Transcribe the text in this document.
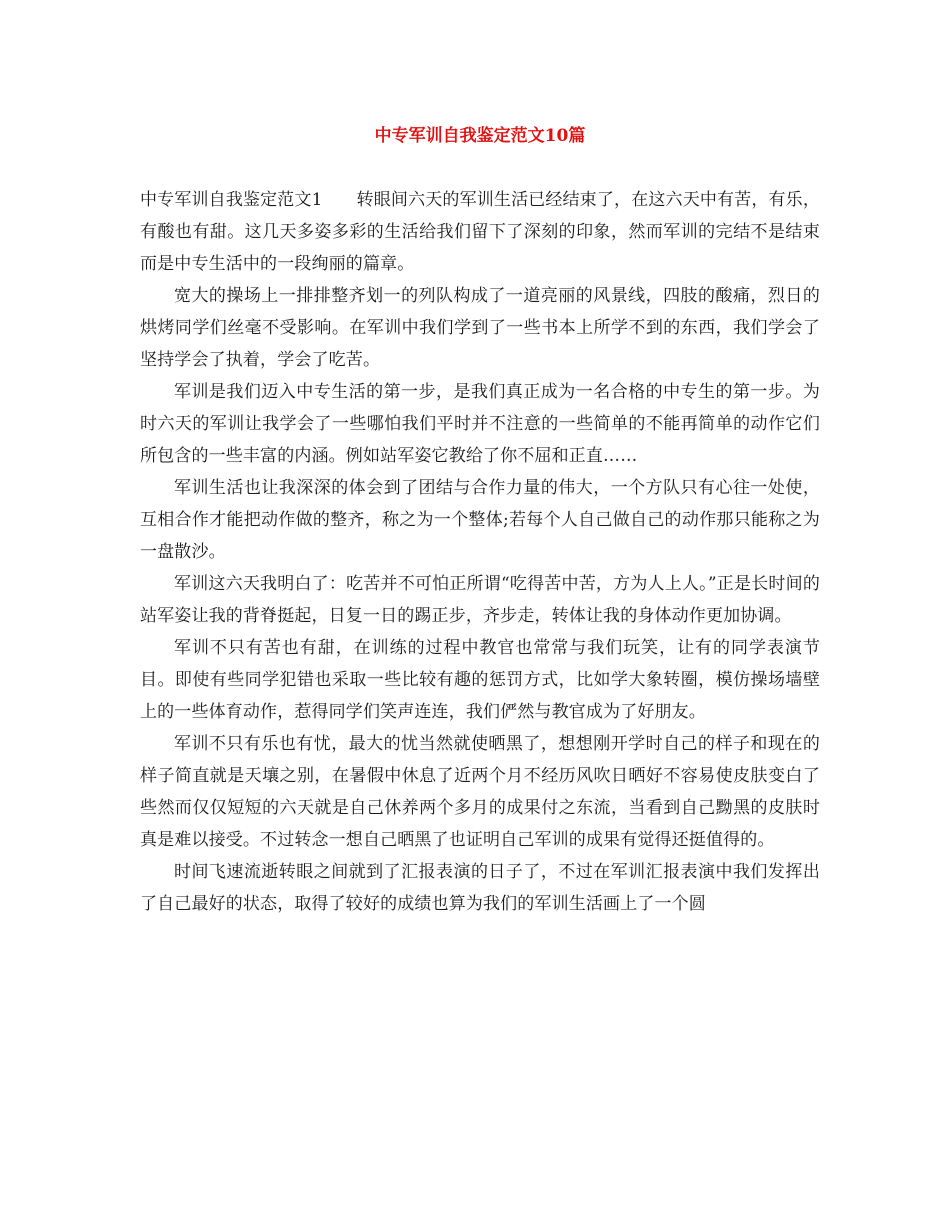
中专军训自我鉴定范文10篇

中专军训自我鉴定范文1 转眼间六天的军训生活已经结束了，在这六天中有苦，有乐，有酸也有甜。这几天多姿多彩的生活给我们留下了深刻的印象，然而军训的完结不是结束而是中专生活中的一段绚丽的篇章。

宽大的操场上一排排整齐划一的列队构成了一道亮丽的风景线，四肢的酸痛，烈日的烘烤同学们丝毫不受影响。在军训中我们学到了一些书本上所学不到的东西，我们学会了坚持学会了执着，学会了吃苦。

军训是我们迈入中专生活的第一步，是我们真正成为一名合格的中专生的第一步。为时六天的军训让我学会了一些哪怕我们平时并不注意的一些简单的不能再简单的动作它们所包含的一些丰富的内涵。例如站军姿它教给了你不屈和正直……

军训生活也让我深深的体会到了团结与合作力量的伟大，一个方队只有心往一处使，互相合作才能把动作做的整齐，称之为一个整体;若每个人自己做自己的动作那只能称之为一盘散沙。

军训这六天我明白了：吃苦并不可怕正所谓“吃得苦中苦，方为人上人。”正是长时间的站军姿让我的背脊挺起，日复一日的踢正步，齐步走，转体让我的身体动作更加协调。

军训不只有苦也有甜，在训练的过程中教官也常常与我们玩笑，让有的同学表演节目。即使有些同学犯错也采取一些比较有趣的惩罚方式，比如学大象转圈，模仿操场墙壁上的一些体育动作，惹得同学们笑声连连，我们俨然与教官成为了好朋友。

军训不只有乐也有忧，最大的忧当然就使晒黑了，想想刚开学时自己的样子和现在的样子简直就是天壤之别，在暑假中休息了近两个月不经历风吹日晒好不容易使皮肤变白了些然而仅仅短短的六天就是自己休养两个多月的成果付之东流，当看到自己黝黑的皮肤时真是难以接受。不过转念一想自己晒黑了也证明自己军训的成果有觉得还挺值得的。

时间飞速流逝转眼之间就到了汇报表演的日子了，不过在军训汇报表演中我们发挥出了自己最好的状态，取得了较好的成绩也算为我们的军训生活画上了一个圆
